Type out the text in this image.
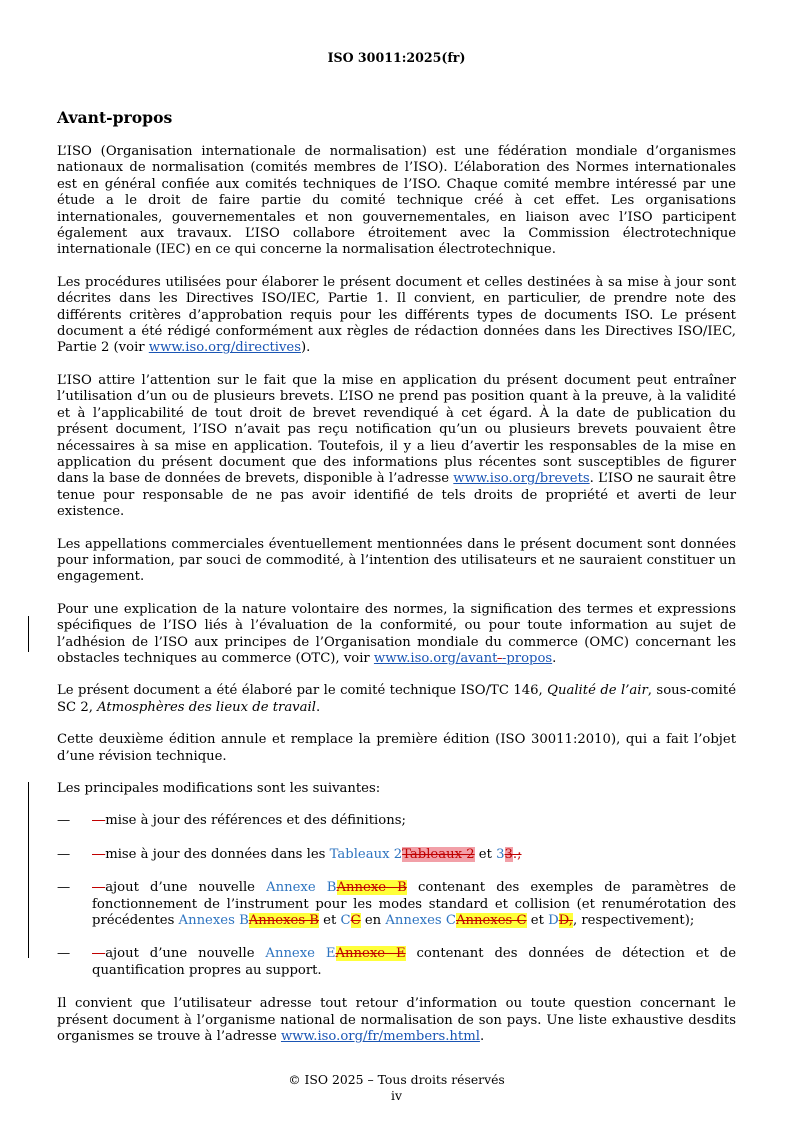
ISO 30011:2025(fr)
Avant-propos

L’ISO (Organisation internationale de normalisation) est une fédération mondiale d’organismes nationaux de normalisation (comités membres de l’ISO). L’élaboration des Normes internationales est en général confiée aux comités techniques de l’ISO. Chaque comité membre intéressé par une étude a le droit de faire partie du comité technique créé à cet effet. Les organisations internationales, gouvernementales et non gouvernementales, en liaison avec l’ISO participent également aux travaux. L’ISO collabore étroitement avec la Commission électrotechnique internationale (IEC) en ce qui concerne la normalisation électrotechnique.

Les procédures utilisées pour élaborer le présent document et celles destinées à sa mise à jour sont décrites dans les Directives ISO/IEC, Partie 1. Il convient, en particulier, de prendre note des différents critères d’approbation requis pour les différents types de documents ISO. Le présent document a été rédigé conformément aux règles de rédaction données dans les Directives ISO/IEC, Partie 2 (voir www.iso.org/directives).

L’ISO attire l’attention sur le fait que la mise en application du présent document peut entraîner l’utilisation d’un ou de plusieurs brevets. L’ISO ne prend pas position quant à la preuve, à la validité et à l’applicabilité de tout droit de brevet revendiqué à cet égard. À la date de publication du présent document, l’ISO n’avait pas reçu notification qu’un ou plusieurs brevets pouvaient être nécessaires à sa mise en application. Toutefois, il y a lieu d’avertir les responsables de la mise en application du présent document que des informations plus récentes sont susceptibles de figurer dans la base de données de brevets, disponible à l’adresse www.iso.org/brevets. L’ISO ne saurait être tenue pour responsable de ne pas avoir identifié de tels droits de propriété et averti de leur existence.

Les appellations commerciales éventuellement mentionnées dans le présent document sont données pour information, par souci de commodité, à l’intention des utilisateurs et ne sauraient constituer un engagement.

Pour une explication de la nature volontaire des normes, la signification des termes et expressions spécifiques de l’ISO liés à l’évaluation de la conformité, ou pour toute information au sujet de l’adhésion de l’ISO aux principes de l’Organisation mondiale du commerce (OMC) concernant les obstacles techniques au commerce (OTC), voir www.iso.org/avant--propos.

Le présent document a été élaboré par le comité technique ISO/TC 146, Qualité de l’air, sous-comité SC 2, Atmosphères des lieux de travail.

Cette deuxième édition annule et remplace la première édition (ISO 30011:2010), qui a fait l’objet d’une révision technique.

Les principales modifications sont les suivantes:

— —mise à jour des références et des définitions;
— —mise à jour des données dans les Tableaux 2Tableaux 2 et 33.;
— —ajout d’une nouvelle Annexe BAnnexe B contenant des exemples de paramètres de fonctionnement de l’instrument pour les modes standard et collision (et renumérotation des précédentes Annexes BAnnexes B et CC en Annexes CAnnexes C et DD,, respectivement);
— —ajout d’une nouvelle Annexe EAnnexe E contenant des données de détection et de quantification propres au support.

Il convient que l’utilisateur adresse tout retour d’information ou toute question concernant le présent document à l’organisme national de normalisation de son pays. Une liste exhaustive desdits organismes se trouve à l’adresse www.iso.org/fr/members.html.

© ISO 2025 – Tous droits réservés
iv
